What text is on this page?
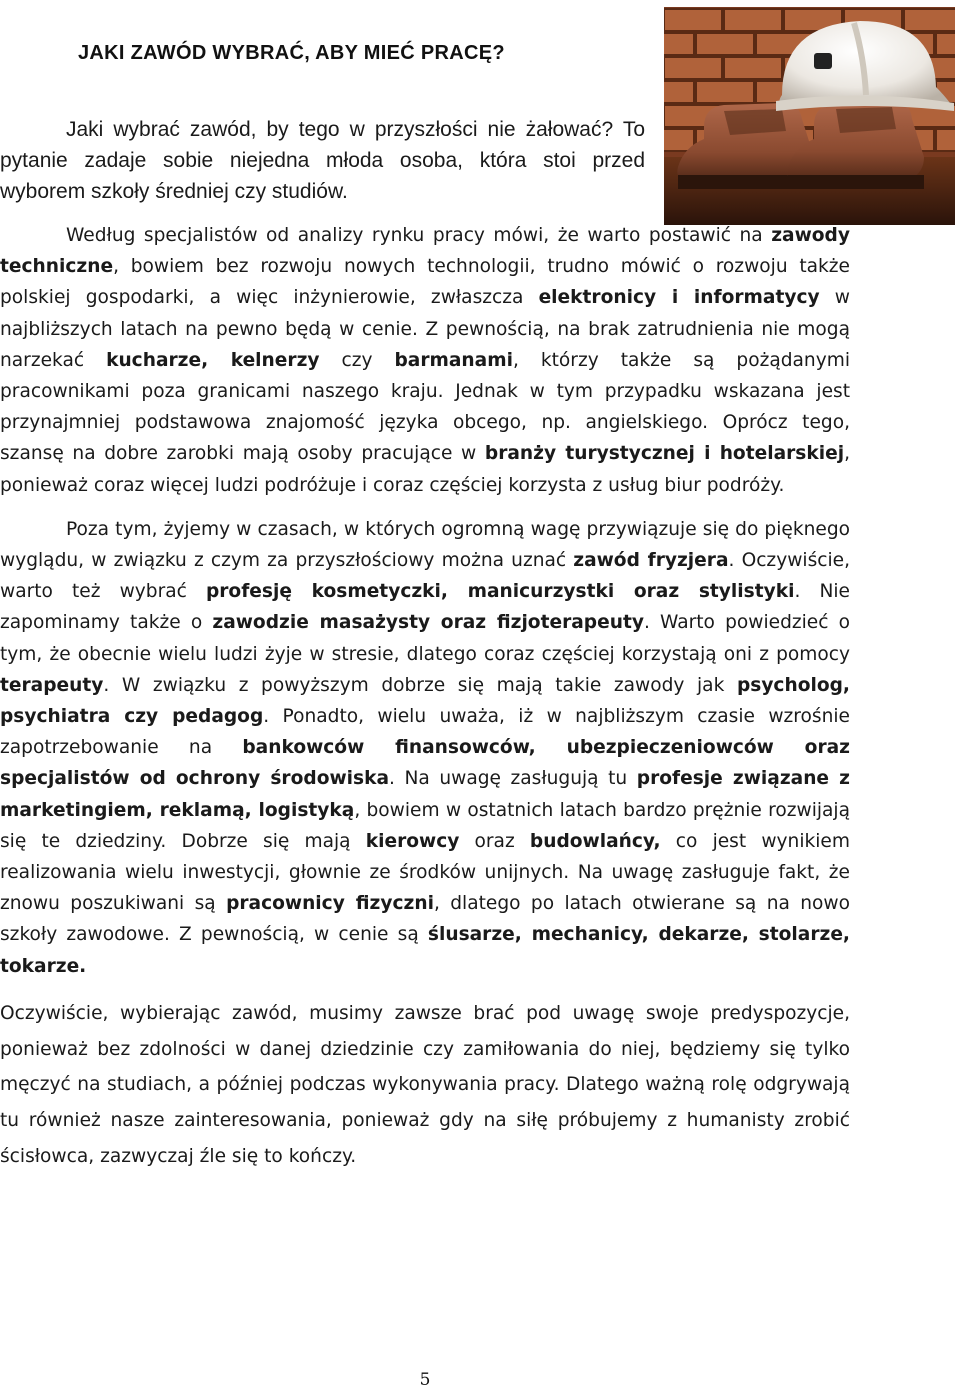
JAKI ZAWÓD WYBRAĆ, ABY MIEĆ PRACĘ?

Jaki wybrać zawód, by tego w przyszłości nie żałować? To pytanie zadaje sobie niejedna młoda osoba, która stoi przed wyborem szkoły średniej czy studiów.

Według specjalistów od analizy rynku pracy mówi, że warto postawić na zawody techniczne, bowiem bez rozwoju nowych technologii, trudno mówić o rozwoju także polskiej gospodarki, a więc inżynierowie, zwłaszcza elektronicy i informatycy w najbliższych latach na pewno będą w cenie. Z pewnością, na brak zatrudnienia nie mogą narzekać kucharze, kelnerzy czy barmanami, którzy także są pożądanymi pracownikami poza granicami naszego kraju. Jednak w tym przypadku wskazana jest przynajmniej podstawowa znajomość języka obcego, np. angielskiego. Oprócz tego, szansę na dobre zarobki mają osoby pracujące w branży turystycznej i hotelarskiej, ponieważ coraz więcej ludzi podróżuje i coraz częściej korzysta z usług biur podróży.

Poza tym, żyjemy w czasach, w których ogromną wagę przywiązuje się do pięknego wyglądu, w związku z czym za przyszłościowy można uznać zawód fryzjera. Oczywiście, warto też wybrać profesję kosmetyczki, manicurzystki oraz stylistyki. Nie zapominamy także o zawodzie masażysty oraz fizjoterapeuty. Warto powiedzieć o tym, że obecnie wielu ludzi żyje w stresie, dlatego coraz częściej korzystają oni z pomocy terapeuty. W związku z powyższym dobrze się mają takie zawody jak psycholog, psychiatra czy pedagog. Ponadto, wielu uważa, iż w najbliższym czasie wzrośnie zapotrzebowanie na bankowców finansowców, ubezpieczeniowców oraz specjalistów od ochrony środowiska. Na uwagę zasługują tu profesje związane z marketingiem, reklamą, logistyką, bowiem w ostatnich latach bardzo prężnie rozwijają się te dziedziny. Dobrze się mają kierowcy oraz budowlańcy, co jest wynikiem realizowania wielu inwestycji, głownie ze środków unijnych. Na uwagę zasługuje fakt, że znowu poszukiwani są pracownicy fizyczni, dlatego po latach otwierane są na nowo szkoły zawodowe. Z pewnością, w cenie są ślusarze, mechanicy, dekarze, stolarze, tokarze.

Oczywiście, wybierając zawód, musimy zawsze brać pod uwagę swoje predyspozycje, ponieważ bez zdolności w danej dziedzinie czy zamiłowania do niej, będziemy się tylko męczyć na studiach, a później podczas wykonywania pracy. Dlatego ważną rolę odgrywają tu również nasze zainteresowania, ponieważ gdy na siłę próbujemy z humanisty zrobić ścisłowca, zazwyczaj źle się to kończy.

5
